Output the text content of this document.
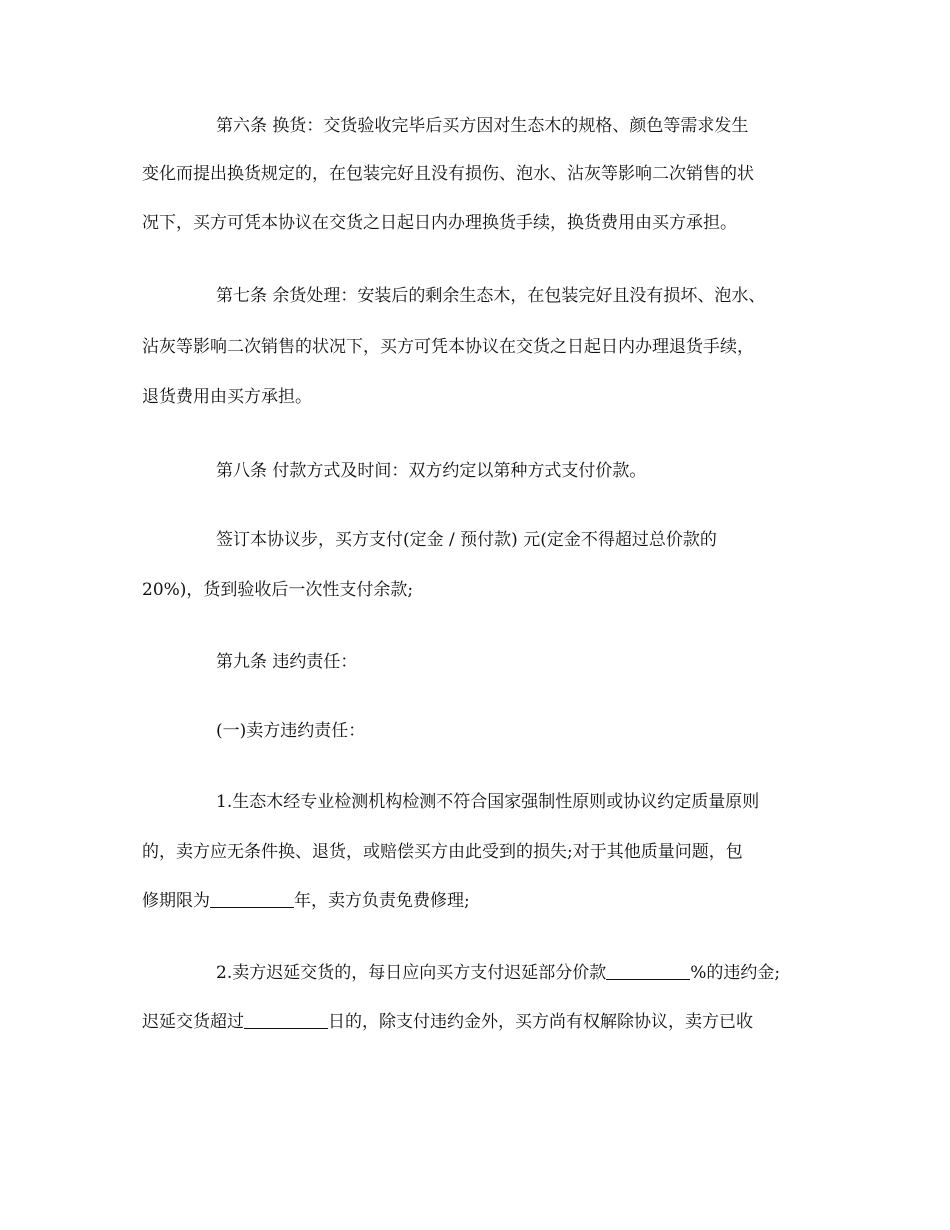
第六条 换货：交货验收完毕后买方因对生态木的规格、颜色等需求发生
变化而提出换货规定的，在包装完好且没有损伤、泡水、沾灰等影响二次销售的状
况下，买方可凭本协议在交货之日起日内办理换货手续，换货费用由买方承担。
第七条 余货处理：安装后的剩余生态木，在包装完好且没有损坏、泡水、
沾灰等影响二次销售的状况下，买方可凭本协议在交货之日起日内办理退货手续，
退货费用由买方承担。
第八条 付款方式及时间：双方约定以第种方式支付价款。
签订本协议步，买方支付(定金 / 预付款) 元(定金不得超过总价款的
20%)，货到验收后一次性支付余款;
第九条 违约责任：
(一)卖方违约责任：
1.生态木经专业检测机构检测不符合国家强制性原则或协议约定质量原则
的，卖方应无条件换、退货，或赔偿买方由此受到的损失;对于其他质量问题，包
修期限为	年，卖方负责免费修理;
2.卖方迟延交货的，每日应向买方支付迟延部分价款	%的违约金;
迟延交货超过	日的，除支付违约金外，买方尚有权解除协议，卖方已收
